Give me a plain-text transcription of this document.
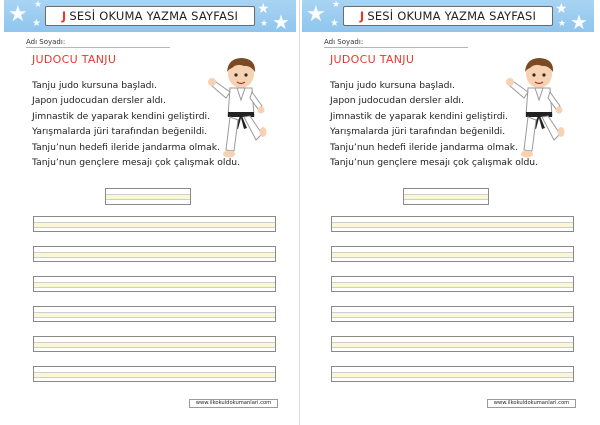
★ ★
★
★
★
★
J SESİ OKUMA YAZMA SAYFASI
Adı Soyadı:
JUDOCU TANJU
Tanju judo kursuna başladı.
Japon judocudan dersler aldı.
Jimnastik de yaparak kendini geliştirdi.
Yarışmalarda jüri tarafından beğenildi.
Tanju’nun hedefi ileride jandarma olmak.
Tanju’nun gençlere mesajı çok çalışmak oldu.
www.ilkokuldokumanlari.com
★ ★
★
★
★
★
J SESİ OKUMA YAZMA SAYFASI
Adı Soyadı:
JUDOCU TANJU
Tanju judo kursuna başladı.
Japon judocudan dersler aldı.
Jimnastik de yaparak kendini geliştirdi.
Yarışmalarda jüri tarafından beğenildi.
Tanju’nun hedefi ileride jandarma olmak.
Tanju’nun gençlere mesajı çok çalışmak oldu.
www.ilkokuldokumanlari.com
